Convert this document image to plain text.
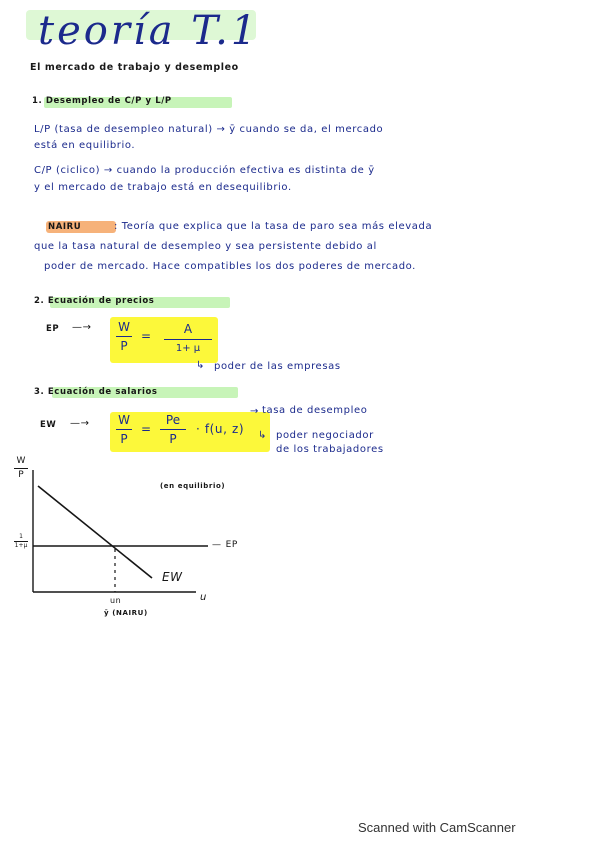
teoría T.1
El mercado de trabajo y desempleo
1. Desempleo de C/P y L/P
L/P (tasa de desempleo natural) → ȳ cuando se da, el mercado
está en equilibrio.
C/P (ciclico) → cuando la producción efectiva es distinta de ȳ
y el mercado de trabajo está en desequilibrio.
NAIRU	: Teoría que explica que la tasa de paro sea más elevada
que la tasa natural de desempleo y sea persistente debido al
poder de mercado. Hace compatibles los dos poderes de mercado.
2. Ecuación de precios
EP —→ W
P
=	A
1+ μ
↳ poder de las empresas
3. Ecuación de salarios
EW —→ W
P
=
Pe
P
· f(u, z)
→ tasa de desempleo
↳ poder negociador
de los trabajadores
W
P
1
1+μ
(en equilibrio)
— EP
EW
u
un
ȳ (NAIRU)
Scanned with CamScanner
